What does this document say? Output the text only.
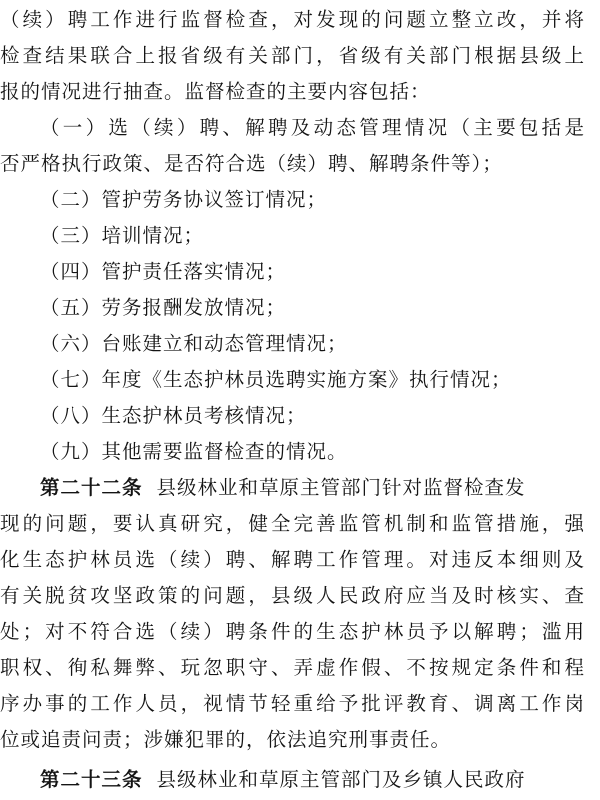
（续）聘工作进行监督检查，对发现的问题立整立改，并将
检查结果联合上报省级有关部门，省级有关部门根据县级上
报的情况进行抽查。监督检查的主要内容包括：
（一）选（续）聘、解聘及动态管理情况（主要包括是
否严格执行政策、是否符合选（续）聘、解聘条件等）；
（二）管护劳务协议签订情况；
（三）培训情况；
（四）管护责任落实情况；
（五）劳务报酬发放情况；
（六）台账建立和动态管理情况；
（七）年度《生态护林员选聘实施方案》执行情况；
（八）生态护林员考核情况；
（九）其他需要监督检查的情况。
第二十二条 县级林业和草原主管部门针对监督检查发
现的问题，要认真研究，健全完善监管机制和监管措施，强
化生态护林员选（续）聘、解聘工作管理。对违反本细则及
有关脱贫攻坚政策的问题，县级人民政府应当及时核实、查
处；对不符合选（续）聘条件的生态护林员予以解聘；滥用
职权、徇私舞弊、玩忽职守、弄虚作假、不按规定条件和程
序办事的工作人员，视情节轻重给予批评教育、调离工作岗
位或追责问责；涉嫌犯罪的，依法追究刑事责任。
第二十三条 县级林业和草原主管部门及乡镇人民政府
